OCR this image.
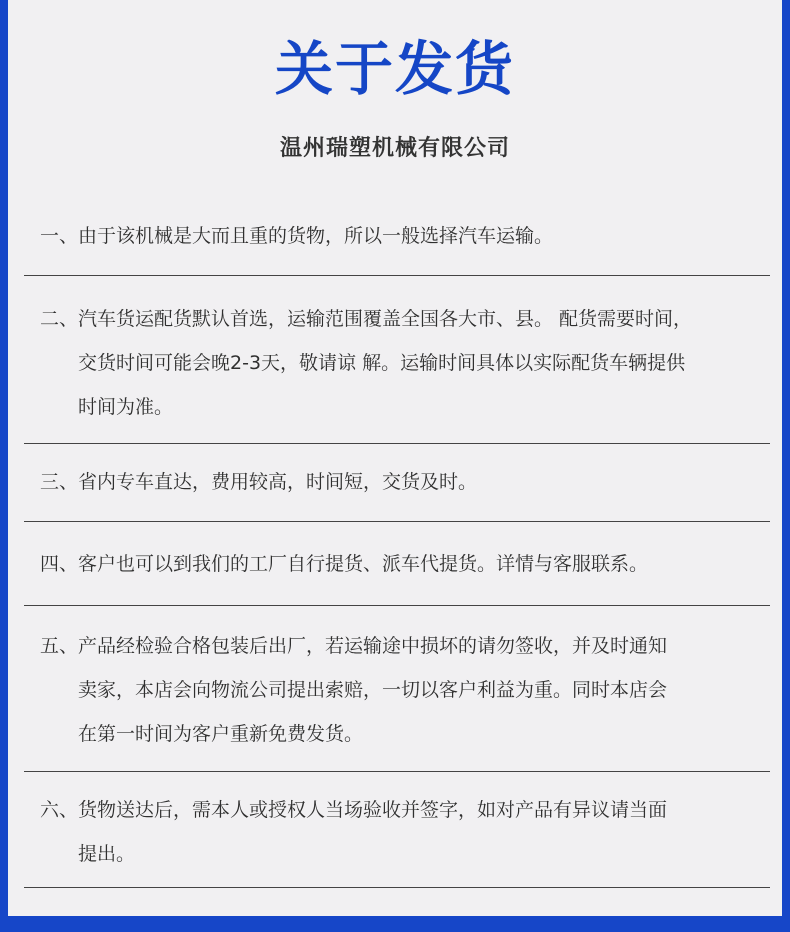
关于发货
温州瑞塑机械有限公司
一、 由于该机械是大而且重的货物，所以一般选择汽车运输。
二、 汽车货运配货默认首选，运输范围覆盖全国各大市、县。 配货需要时间，
交货时间可能会晚2-3天，敬请谅 解。运输时间具体以实际配货车辆提供
时间为准。
三、 省内专车直达，费用较高，时间短，交货及时。
四、 客户也可以到我们的工厂自行提货、派车代提货。详情与客服联系。
五、 产品经检验合格包装后出厂，若运输途中损坏的请勿签收，并及时通知
卖家，本店会向物流公司提出索赔，一切以客户利益为重。同时本店会
在第一时间为客户重新免费发货。
六、 货物送达后，需本人或授权人当场验收并签字，如对产品有异议请当面
提出。
